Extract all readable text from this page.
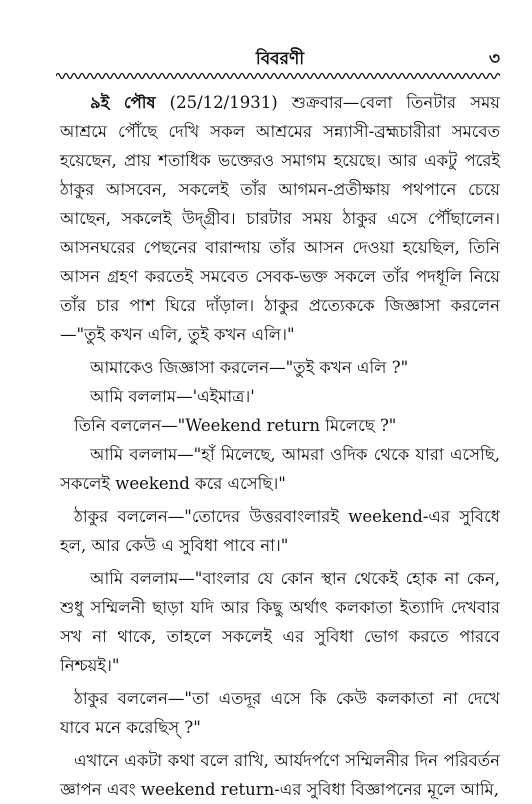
বিবরণী	৩

৯ই পৌষ (25/12/1931) শুক্রবার—বেলা তিনটার সময় আশ্রমে পৌঁছে দেখি সকল আশ্রমের সন্ন্যাসী-ব্রহ্মচারীরা সমবেত হয়েছেন, প্রায় শতাধিক ভক্তেরও সমাগম হয়েছে। আর একটু পরেই ঠাকুর আসবেন, সকলেই তাঁর আগমন-প্রতীক্ষায় পথপানে চেয়ে আছেন, সকলেই উদ্‌গ্রীব। চারটার সময় ঠাকুর এসে পৌঁছালেন। আসনঘরের পেছনের বারান্দায় তাঁর আসন দেওয়া হয়েছিল, তিনি আসন গ্রহণ করতেই সমবেত সেবক-ভক্ত সকলে তাঁর পদধূলি নিয়ে তাঁর চার পাশ ঘিরে দাঁড়াল। ঠাকুর প্রত্যেককে জিজ্ঞাসা করলেন—"তুই কখন এলি, তুই কখন এলি।"

আমাকেও জিজ্ঞাসা করলেন—"তুই কখন এলি ?"

আমি বললাম—'এইমাত্র।'

তিনি বললেন—"Weekend return মিলেছে ?"

আমি বললাম—"হাঁ মিলেছে, আমরা ওদিক থেকে যারা এসেছি, সকলেই weekend করে এসেছি।"

ঠাকুর বললেন—"তোদের উত্তরবাংলারই weekend-এর সুবিধে হল, আর কেউ এ সুবিধা পাবে না।"

আমি বললাম—"বাংলার যে কোন স্থান থেকেই হোক না কেন, শুধু সম্মিলনী ছাড়া যদি আর কিছু অর্থাৎ কলকাতা ইত্যাদি দেখবার সখ না থাকে, তাহলে সকলেই এর সুবিধা ভোগ করতে পারবে নিশ্চয়ই।"

ঠাকুর বললেন—"তা এতদূর এসে কি কেউ কলকাতা না দেখে যাবে মনে করেছিস্ ?"

এখানে একটা কথা বলে রাখি, আর্যদর্পণে সম্মিলনীর দিন পরিবর্তন জ্ঞাপন এবং weekend return-এর সুবিধা বিজ্ঞাপনের মূলে আমি,
